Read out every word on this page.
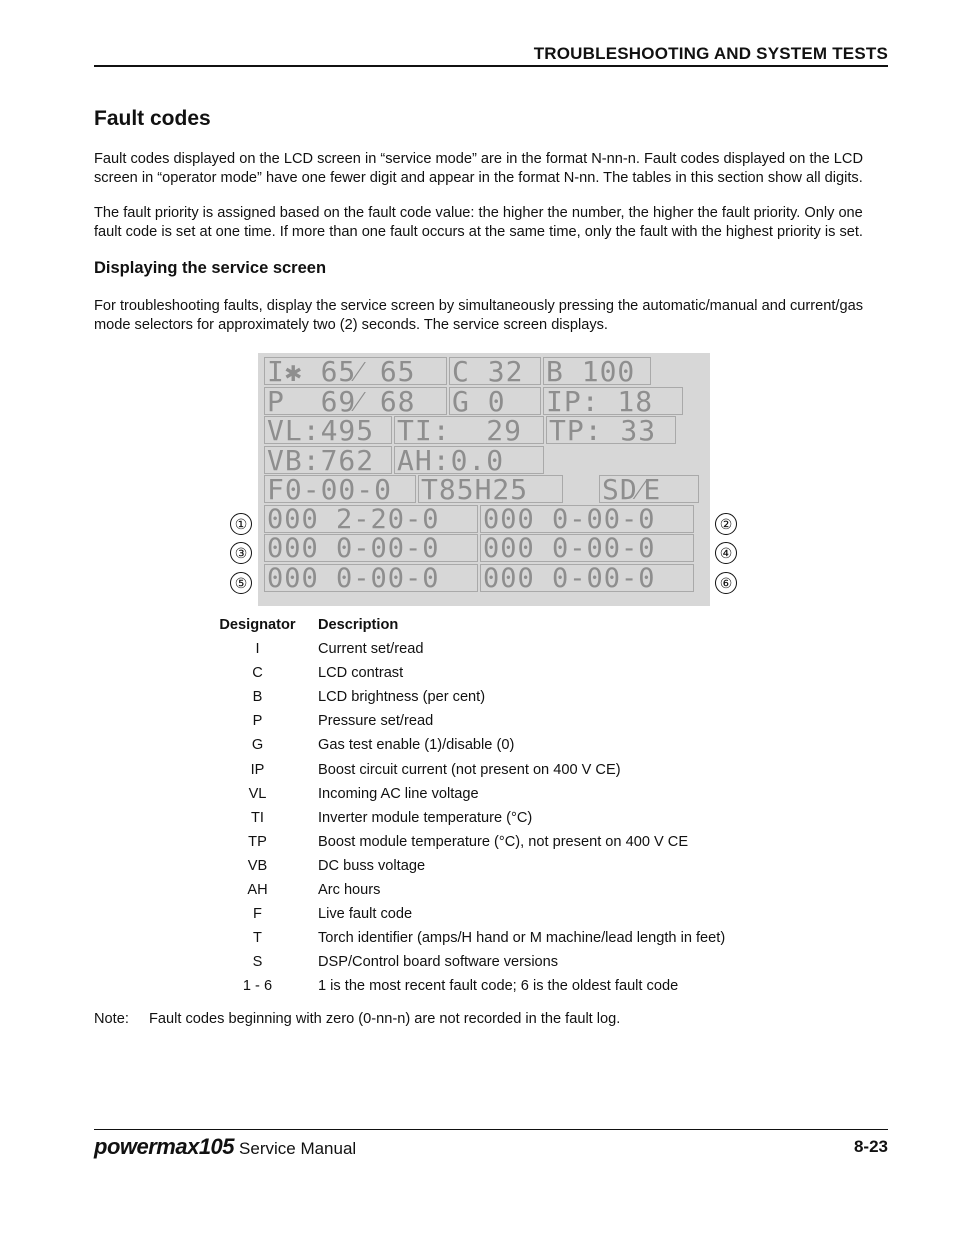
TROUBLESHOOTING AND SYSTEM TESTS
Fault codes

Fault codes displayed on the LCD screen in “service mode” are in the format N-nn-n. Fault codes displayed on the LCD screen in “operator mode” have one fewer digit and appear in the format N-nn. The tables in this section show all digits.

The fault priority is assigned based on the fault code value: the higher the number, the higher the fault priority. Only one fault code is set at one time. If more than one fault occurs at the same time, only the fault with the highest priority is set.

Displaying the service screen

For troubleshooting faults, display the service screen by simultaneously pressing the automatic/manual and current/gas mode selectors for approximately two (2) seconds. The service screen displays.

I✱ 65⁄ 65	C 32 B 100
P  69⁄ 68	G 0	IP: 18
VL:495 TI:  29 TP: 33
VB:762 AH:0.0
F0-00-0	T85H25	SD⁄E
000 2-20-0	000 0-00-0
000 0-00-0	000 0-00-0
000 0-00-0	000 0-00-0
①	②
③	④
⑤	⑥
Designator	Description
I	Current set/read
C	LCD contrast
B	LCD brightness (per cent)
P	Pressure set/read
G	Gas test enable (1)/disable (0)
IP	Boost circuit current (not present on 400 V CE)
VL	Incoming AC line voltage
TI	Inverter module temperature (°C)
TP	Boost module temperature (°C), not present on 400 V CE
VB	DC buss voltage
AH	Arc hours
F	Live fault code
T	Torch identifier (amps/H hand or M machine/lead length in feet)
S	DSP/Control board software versions
1 - 6	1 is the most recent fault code; 6 is the oldest fault code
Note:	Fault codes beginning with zero (0-nn-n) are not recorded in the fault log.
powermax105 Service Manual	8-23
